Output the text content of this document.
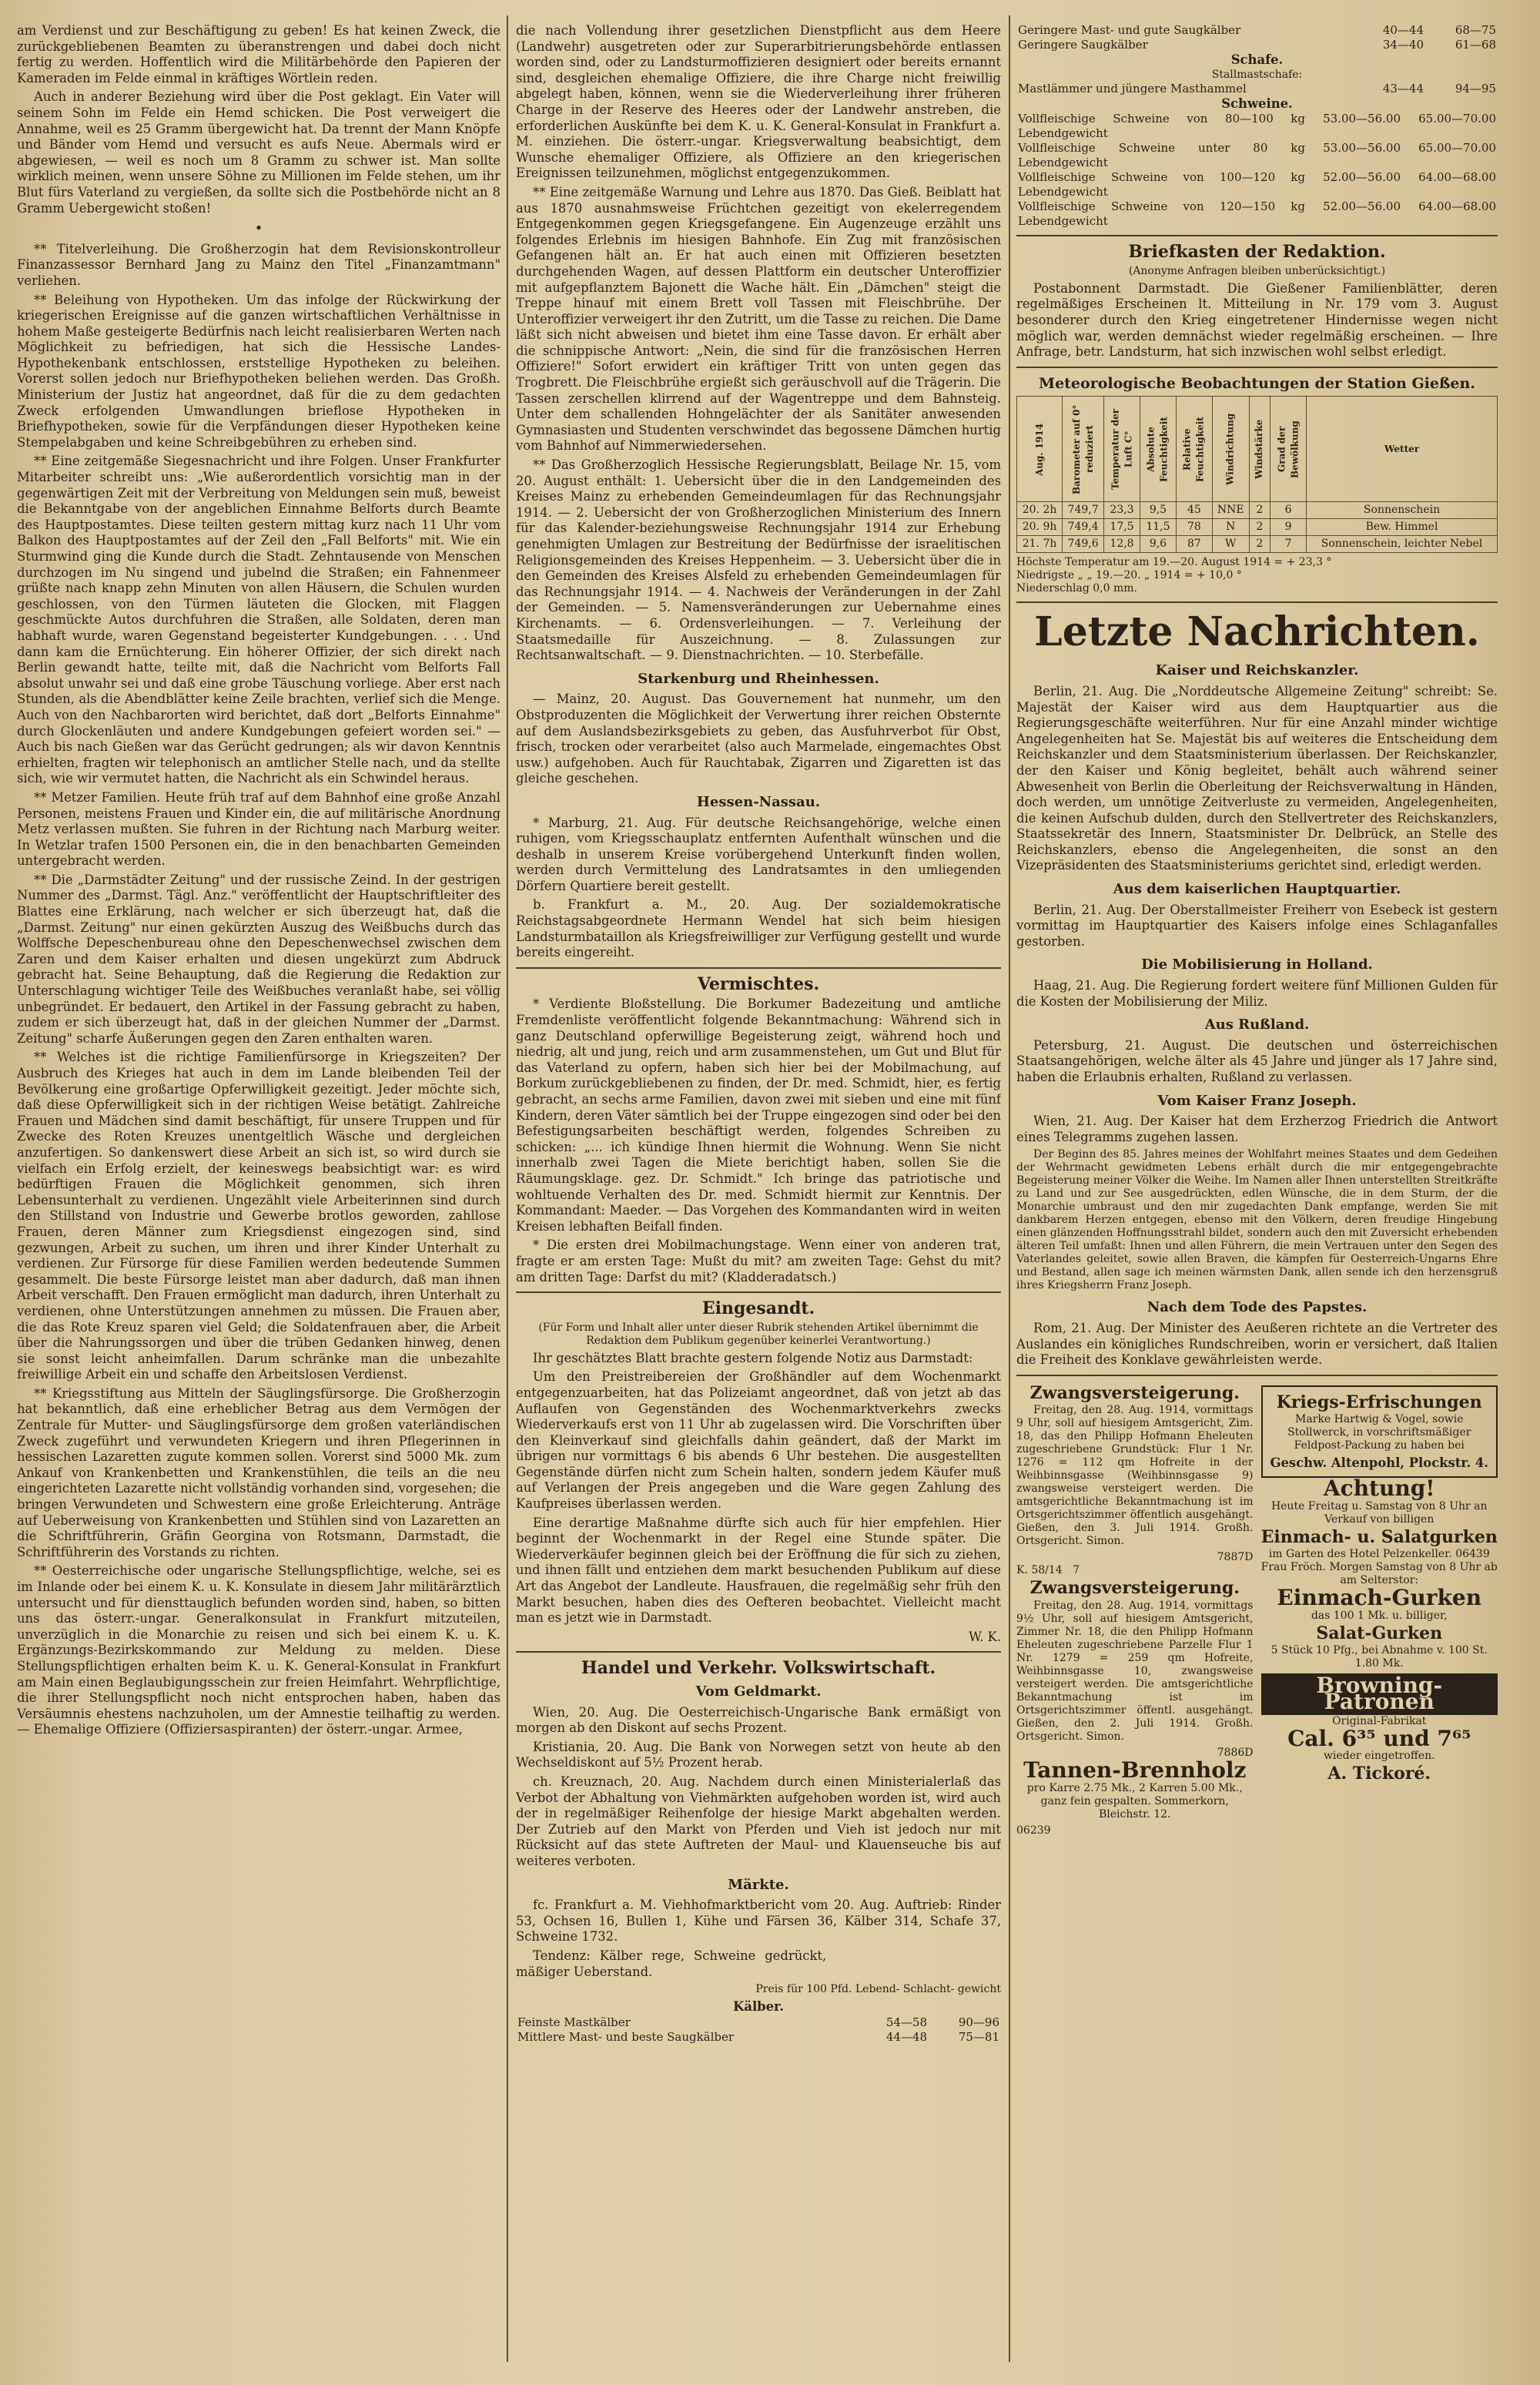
am Verdienst und zur Beschäftigung zu geben! Es hat keinen Zweck, die zurückgebliebenen Beamten zu überanstrengen und dabei doch nicht fertig zu werden. Hoffentlich wird die Militärbehörde den Papieren der Kameraden im Felde einmal in kräftiges Wörtlein reden.

Auch in anderer Beziehung wird über die Post geklagt. Ein Vater will seinem Sohn im Felde ein Hemd schicken. Die Post verweigert die Annahme, weil es 25 Gramm übergewicht hat. Da trennt der Mann Knöpfe und Bänder vom Hemd und versucht es aufs Neue. Abermals wird er abgewiesen, — weil es noch um 8 Gramm zu schwer ist. Man sollte wirklich meinen, wenn unsere Söhne zu Millionen im Felde stehen, um ihr Blut fürs Vaterland zu vergießen, da sollte sich die Postbehörde nicht an 8 Gramm Uebergewicht stoßen!

•

** Titelverleihung. Die Großherzogin hat dem Revisionskontrolleur Finanzassessor Bernhard Jang zu Mainz den Titel „Finanzamtmann" verliehen.

** Beleihung von Hypotheken. Um das infolge der Rückwirkung der kriegerischen Ereignisse auf die ganzen wirtschaftlichen Verhältnisse in hohem Maße gesteigerte Bedürfnis nach leicht realisierbaren Werten nach Möglichkeit zu befriedigen, hat sich die Hessische Landes-Hypothekenbank entschlossen, erststellige Hypotheken zu beleihen. Vorerst sollen jedoch nur Briefhypotheken beliehen werden. Das Großh. Ministerium der Justiz hat angeordnet, daß für die zu dem gedachten Zweck erfolgenden Umwandlungen brieflose Hypotheken in Briefhypotheken, sowie für die Verpfändungen dieser Hypotheken keine Stempelabgaben und keine Schreibgebühren zu erheben sind.

** Eine zeitgemäße Siegesnachricht und ihre Folgen. Unser Frankfurter Mitarbeiter schreibt uns: „Wie außerordentlich vorsichtig man in der gegenwärtigen Zeit mit der Verbreitung von Meldungen sein muß, beweist die Bekanntgabe von der angeblichen Einnahme Belforts durch Beamte des Hauptpostamtes. Diese teilten gestern mittag kurz nach 11 Uhr vom Balkon des Hauptpostamtes auf der Zeil den „Fall Belforts" mit. Wie ein Sturmwind ging die Kunde durch die Stadt. Zehntausende von Menschen durchzogen im Nu singend und jubelnd die Straßen; ein Fahnenmeer grüßte nach knapp zehn Minuten von allen Häusern, die Schulen wurden geschlossen, von den Türmen läuteten die Glocken, mit Flaggen geschmückte Autos durchfuhren die Straßen, alle Soldaten, deren man habhaft wurde, waren Gegenstand begeisterter Kundgebungen. . . . Und dann kam die Ernüchterung. Ein höherer Offizier, der sich direkt nach Berlin gewandt hatte, teilte mit, daß die Nachricht vom Belforts Fall absolut unwahr sei und daß eine grobe Täuschung vorliege. Aber erst nach Stunden, als die Abendblätter keine Zeile brachten, verlief sich die Menge. Auch von den Nachbarorten wird berichtet, daß dort „Belforts Einnahme" durch Glockenläuten und andere Kundgebungen gefeiert worden sei." — Auch bis nach Gießen war das Gerücht gedrungen; als wir davon Kenntnis erhielten, fragten wir telephonisch an amtlicher Stelle nach, und da stellte sich, wie wir vermutet hatten, die Nachricht als ein Schwindel heraus.

** Metzer Familien. Heute früh traf auf dem Bahnhof eine große Anzahl Personen, meistens Frauen und Kinder ein, die auf militärische Anordnung Metz verlassen mußten. Sie fuhren in der Richtung nach Marburg weiter. In Wetzlar trafen 1500 Personen ein, die in den benachbarten Gemeinden untergebracht werden.

** Die „Darmstädter Zeitung" und der russische Zeind. In der gestrigen Nummer des „Darmst. Tägl. Anz." veröffentlicht der Hauptschriftleiter des Blattes eine Erklärung, nach welcher er sich überzeugt hat, daß die „Darmst. Zeitung" nur einen gekürzten Auszug des Weißbuchs durch das Wolffsche Depeschenbureau ohne den Depeschenwechsel zwischen dem Zaren und dem Kaiser erhalten und diesen ungekürzt zum Abdruck gebracht hat. Seine Behauptung, daß die Regierung die Redaktion zur Unterschlagung wichtiger Teile des Weißbuches veranlaßt habe, sei völlig unbegründet. Er bedauert, den Artikel in der Fassung gebracht zu haben, zudem er sich überzeugt hat, daß in der gleichen Nummer der „Darmst. Zeitung" scharfe Äußerungen gegen den Zaren enthalten waren.

** Welches ist die richtige Familienfürsorge in Kriegszeiten? Der Ausbruch des Krieges hat auch in dem im Lande bleibenden Teil der Bevölkerung eine großartige Opferwilligkeit gezeitigt. Jeder möchte sich, daß diese Opferwilligkeit sich in der richtigen Weise betätigt. Zahlreiche Frauen und Mädchen sind damit beschäftigt, für unsere Truppen und für Zwecke des Roten Kreuzes unentgeltlich Wäsche und dergleichen anzufertigen. So dankenswert diese Arbeit an sich ist, so wird durch sie vielfach ein Erfolg erzielt, der keineswegs beabsichtigt war: es wird bedürftigen Frauen die Möglichkeit genommen, sich ihren Lebensunterhalt zu verdienen. Ungezählt viele Arbeiterinnen sind durch den Stillstand von Industrie und Gewerbe brotlos geworden, zahllose Frauen, deren Männer zum Kriegsdienst eingezogen sind, sind gezwungen, Arbeit zu suchen, um ihren und ihrer Kinder Unterhalt zu verdienen. Zur Fürsorge für diese Familien werden bedeutende Summen gesammelt. Die beste Fürsorge leistet man aber dadurch, daß man ihnen Arbeit verschafft. Den Frauen ermöglicht man dadurch, ihren Unterhalt zu verdienen, ohne Unterstützungen annehmen zu müssen. Die Frauen aber, die das Rote Kreuz sparen viel Geld; die Soldatenfrauen aber, die Arbeit über die Nahrungssorgen und über die trüben Gedanken hinweg, denen sie sonst leicht anheimfallen. Darum schränke man die unbezahlte freiwillige Arbeit ein und schaffe den Arbeitslosen Verdienst.

** Kriegsstiftung aus Mitteln der Säuglingsfürsorge. Die Großherzogin hat bekanntlich, daß eine erheblicher Betrag aus dem Vermögen der Zentrale für Mutter- und Säuglingsfürsorge dem großen vaterländischen Zweck zugeführt und verwundeten Kriegern und ihren Pflegerinnen in hessischen Lazaretten zugute kommen sollen. Vorerst sind 5000 Mk. zum Ankauf von Krankenbetten und Krankenstühlen, die teils an die neu eingerichteten Lazarette nicht vollständig vorhanden sind, vorgesehen; die bringen Verwundeten und Schwestern eine große Erleichterung. Anträge auf Ueberweisung von Krankenbetten und Stühlen sind von Lazaretten an die Schriftführerin, Gräfin Georgina von Rotsmann, Darmstadt, die Schriftführerin des Vorstands zu richten.

** Oesterreichische oder ungarische Stellungspflichtige, welche, sei es im Inlande oder bei einem K. u. K. Konsulate in diesem Jahr militärärztlich untersucht und für diensttauglich befunden worden sind, haben, so bitten uns das österr.-ungar. Generalkonsulat in Frankfurt mitzuteilen, unverzüglich in die Monarchie zu reisen und sich bei einem K. u. K. Ergänzungs-Bezirkskommando zur Meldung zu melden. Diese Stellungspflichtigen erhalten beim K. u. K. General-Konsulat in Frankfurt am Main einen Beglaubigungsschein zur freien Heimfahrt. Wehrpflichtige, die ihrer Stellungspflicht noch nicht entsprochen haben, haben das Versäumnis ehestens nachzuholen, um der Amnestie teilhaftig zu werden. — Ehemalige Offiziere (Offiziersaspiranten) der österr.-ungar. Armee,

die nach Vollendung ihrer gesetzlichen Dienstpflicht aus dem Heere (Landwehr) ausgetreten oder zur Superarbitrierungsbehörde entlassen worden sind, oder zu Landsturmoffizieren designiert oder bereits ernannt sind, desgleichen ehemalige Offiziere, die ihre Charge nicht freiwillig abgelegt haben, können, wenn sie die Wiederverleihung ihrer früheren Charge in der Reserve des Heeres oder der Landwehr anstreben, die erforderlichen Auskünfte bei dem K. u. K. General-Konsulat in Frankfurt a. M. einziehen. Die österr.-ungar. Kriegsverwaltung beabsichtigt, dem Wunsche ehemaliger Offiziere, als Offiziere an den kriegerischen Ereignissen teilzunehmen, möglichst entgegenzukommen.

** Eine zeitgemäße Warnung und Lehre aus 1870. Das Gieß. Beiblatt hat aus 1870 ausnahmsweise Früchtchen gezeitigt von ekelerregendem Entgegenkommen gegen Kriegsgefangene. Ein Augenzeuge erzählt uns folgendes Erlebnis im hiesigen Bahnhofe. Ein Zug mit französischen Gefangenen hält an. Er hat auch einen mit Offizieren besetzten durchgehenden Wagen, auf dessen Plattform ein deutscher Unteroffizier mit aufgepflanztem Bajonett die Wache hält. Ein „Dämchen" steigt die Treppe hinauf mit einem Brett voll Tassen mit Fleischbrühe. Der Unteroffizier verweigert ihr den Zutritt, um die Tasse zu reichen. Die Dame läßt sich nicht abweisen und bietet ihm eine Tasse davon. Er erhält aber die schnippische Antwort: „Nein, die sind für die französischen Herren Offiziere!" Sofort erwidert ein kräftiger Tritt von unten gegen das Trogbrett. Die Fleischbrühe ergießt sich geräuschvoll auf die Trägerin. Die Tassen zerschellen klirrend auf der Wagentreppe und dem Bahnsteig. Unter dem schallenden Hohngelächter der als Sanitäter anwesenden Gymnasiasten und Studenten verschwindet das begossene Dämchen hurtig vom Bahnhof auf Nimmerwiedersehen.

** Das Großherzoglich Hessische Regierungsblatt, Beilage Nr. 15, vom 20. August enthält: 1. Uebersicht über die in den Landgemeinden des Kreises Mainz zu erhebenden Gemeindeumlagen für das Rechnungsjahr 1914. — 2. Uebersicht der von Großherzoglichen Ministerium des Innern für das Kalender-beziehungsweise Rechnungsjahr 1914 zur Erhebung genehmigten Umlagen zur Bestreitung der Bedürfnisse der israelitischen Religionsgemeinden des Kreises Heppenheim. — 3. Uebersicht über die in den Gemeinden des Kreises Alsfeld zu erhebenden Gemeindeumlagen für das Rechnungsjahr 1914. — 4. Nachweis der Veränderungen in der Zahl der Gemeinden. — 5. Namensveränderungen zur Uebernahme eines Kirchenamts. — 6. Ordensverleihungen. — 7. Verleihung der Staatsmedaille für Auszeichnung. — 8. Zulassungen zur Rechtsanwaltschaft. — 9. Dienstnachrichten. — 10. Sterbefälle.

Starkenburg und Rheinhessen.

— Mainz, 20. August. Das Gouvernement hat nunmehr, um den Obstproduzenten die Möglichkeit der Verwertung ihrer reichen Obsternte auf dem Auslandsbezirksgebiets zu geben, das Ausfuhrverbot für Obst, frisch, trocken oder verarbeitet (also auch Marmelade, eingemachtes Obst usw.) aufgehoben. Auch für Rauchtabak, Zigarren und Zigaretten ist das gleiche geschehen.

Hessen-Nassau.

* Marburg, 21. Aug. Für deutsche Reichsangehörige, welche einen ruhigen, vom Kriegsschauplatz entfernten Aufenthalt wünschen und die deshalb in unserem Kreise vorübergehend Unterkunft finden wollen, werden durch Vermittelung des Landratsamtes in den umliegenden Dörfern Quartiere bereit gestellt.

b. Frankfurt a. M., 20. Aug. Der sozialdemokratische Reichstagsabgeordnete Hermann Wendel hat sich beim hiesigen Landsturmbataillon als Kriegsfreiwilliger zur Verfügung gestellt und wurde bereits eingereiht.

Vermischtes.

* Verdiente Bloßstellung. Die Borkumer Badezeitung und amtliche Fremdenliste veröffentlicht folgende Bekanntmachung: Während sich in ganz Deutschland opferwillige Begeisterung zeigt, während hoch und niedrig, alt und jung, reich und arm zusammenstehen, um Gut und Blut für das Vaterland zu opfern, haben sich hier bei der Mobilmachung, auf Borkum zurückgebliebenen zu finden, der Dr. med. Schmidt, hier, es fertig gebracht, an sechs arme Familien, davon zwei mit sieben und eine mit fünf Kindern, deren Väter sämtlich bei der Truppe eingezogen sind oder bei den Befestigungsarbeiten beschäftigt werden, folgendes Schreiben zu schicken: „... ich kündige Ihnen hiermit die Wohnung. Wenn Sie nicht innerhalb zwei Tagen die Miete berichtigt haben, sollen Sie die Räumungsklage. gez. Dr. Schmidt." Ich bringe das patriotische und wohltuende Verhalten des Dr. med. Schmidt hiermit zur Kenntnis. Der Kommandant: Maeder. — Das Vorgehen des Kommandanten wird in weiten Kreisen lebhaften Beifall finden.

* Die ersten drei Mobilmachungstage. Wenn einer von anderen trat, fragte er am ersten Tage: Mußt du mit? am zweiten Tage: Gehst du mit? am dritten Tage: Darfst du mit? (Kladderadatsch.)

Eingesandt.

(Für Form und Inhalt aller unter dieser Rubrik stehenden Artikel übernimmt die Redaktion dem Publikum gegenüber keinerlei Verantwortung.)

Ihr geschätztes Blatt brachte gestern folgende Notiz aus Darmstadt:

Um den Preistreibereien der Großhändler auf dem Wochenmarkt entgegenzuarbeiten, hat das Polizeiamt angeordnet, daß von jetzt ab das Auflaufen von Gegenständen des Wochenmarktverkehrs zwecks Wiederverkaufs erst von 11 Uhr ab zugelassen wird. Die Vorschriften über den Kleinverkauf sind gleichfalls dahin geändert, daß der Markt im übrigen nur vormittags 6 bis abends 6 Uhr bestehen. Die ausgestellten Gegenstände dürfen nicht zum Schein halten, sondern jedem Käufer muß auf Verlangen der Preis angegeben und die Ware gegen Zahlung des Kaufpreises überlassen werden.

Eine derartige Maßnahme dürfte sich auch für hier empfehlen. Hier beginnt der Wochenmarkt in der Regel eine Stunde später. Die Wiederverkäufer beginnen gleich bei der Eröffnung die für sich zu ziehen, und ihnen fällt und entziehen dem markt besuchenden Publikum auf diese Art das Angebot der Landleute. Hausfrauen, die regelmäßig sehr früh den Markt besuchen, haben dies des Oefteren beobachtet. Vielleicht macht man es jetzt wie in Darmstadt.

W. K.

Handel und Verkehr. Volkswirtschaft.
Vom Geldmarkt.

Wien, 20. Aug. Die Oesterreichisch-Ungarische Bank ermäßigt von morgen ab den Diskont auf sechs Prozent.

Kristiania, 20. Aug. Die Bank von Norwegen setzt von heute ab den Wechseldiskont auf 5½ Prozent herab.

ch. Kreuznach, 20. Aug. Nachdem durch einen Ministerialerlaß das Verbot der Abhaltung von Viehmärkten aufgehoben worden ist, wird auch der in regelmäßiger Reihenfolge der hiesige Markt abgehalten werden. Der Zutrieb auf den Markt von Pferden und Vieh ist jedoch nur mit Rücksicht auf das stete Auftreten der Maul- und Klauenseuche bis auf weiteres verboten.

Märkte.

fc. Frankfurt a. M. Viehhofmarktbericht vom 20. Aug. Auftrieb: Rinder 53, Ochsen 16, Bullen 1, Kühe und Färsen 36, Kälber 314, Schafe 37, Schweine 1732.

Tendenz: Kälber rege, Schweine gedrückt, mäßiger Ueberstand.

Preis für 100 Pfd. Lebend- Schlacht- gewicht

Kälber.
Feinste Mastkälber	54—58	90—96
Mittlere Mast- und beste Saugkälber	44—48	75—81
Geringere Mast- und gute Saugkälber	40—44	68—75
Geringere Saugkälber	34—40	61—68
Schafe.
Stallmastschafe:
Mastlämmer und jüngere Masthammel	43—44	94—95
Schweine.
Vollfleischige Schweine von 80—100 kg Lebendgewicht	53.00—56.00	65.00—70.00
Vollfleischige Schweine unter 80 kg Lebendgewicht	53.00—56.00	65.00—70.00
Vollfleischige Schweine von 100—120 kg Lebendgewicht	52.00—56.00	64.00—68.00
Vollfleischige Schweine von 120—150 kg Lebendgewicht	52.00—56.00	64.00—68.00
Briefkasten der Redaktion.

(Anonyme Anfragen bleiben unberücksichtigt.)

Postabonnent Darmstadt. Die Gießener Familienblätter, deren regelmäßiges Erscheinen lt. Mitteilung in Nr. 179 vom 3. August besonderer durch den Krieg eingetretener Hindernisse wegen nicht möglich war, werden demnächst wieder regelmäßig erscheinen. — Ihre Anfrage, betr. Landsturm, hat sich inzwischen wohl selbst erledigt.

Meteorologische Beobachtungen der Station Gießen.
Aug. 1914	Barometer auf 0° reduziert	Temperatur der Luft C°	Absolute Feuchtigkeit	Relative Feuchtigkeit	Windrichtung	Windstärke	Grad der Bewölkung	Wetter
20. 2h	749,7	23,3	9,5	45	NNE	2	6	Sonnenschein
20. 9h	749,4	17,5	11,5	78	N	2	9	Bew. Himmel
21. 7h	749,6	12,8	9,6	87	W	2	7	Sonnenschein, leichter Nebel
Höchste Temperatur am 19.—20. August 1914 = + 23,3 °
Niedrigste „ „ 19.—20. „ 1914 = + 10,0 °
Niederschlag 0,0 mm.
Letzte Nachrichten.
Kaiser und Reichskanzler.

Berlin, 21. Aug. Die „Norddeutsche Allgemeine Zeitung" schreibt: Se. Majestät der Kaiser wird aus dem Hauptquartier aus die Regierungsgeschäfte weiterführen. Nur für eine Anzahl minder wichtige Angelegenheiten hat Se. Majestät bis auf weiteres die Entscheidung dem Reichskanzler und dem Staatsministerium überlassen. Der Reichskanzler, der den Kaiser und König begleitet, behält auch während seiner Abwesenheit von Berlin die Oberleitung der Reichsverwaltung in Händen, doch werden, um unnötige Zeitverluste zu vermeiden, Angelegenheiten, die keinen Aufschub dulden, durch den Stellvertreter des Reichskanzlers, Staatssekretär des Innern, Staatsminister Dr. Delbrück, an Stelle des Reichskanzlers, ebenso die Angelegenheiten, die sonst an den Vizepräsidenten des Staatsministeriums gerichtet sind, erledigt werden.

Aus dem kaiserlichen Hauptquartier.

Berlin, 21. Aug. Der Oberstallmeister Freiherr von Esebeck ist gestern vormittag im Hauptquartier des Kaisers infolge eines Schlaganfalles gestorben.

Die Mobilisierung in Holland.

Haag, 21. Aug. Die Regierung fordert weitere fünf Millionen Gulden für die Kosten der Mobilisierung der Miliz.

Aus Rußland.

Petersburg, 21. August. Die deutschen und österreichischen Staatsangehörigen, welche älter als 45 Jahre und jünger als 17 Jahre sind, haben die Erlaubnis erhalten, Rußland zu verlassen.

Vom Kaiser Franz Joseph.

Wien, 21. Aug. Der Kaiser hat dem Erzherzog Friedrich die Antwort eines Telegramms zugehen lassen.

Der Beginn des 85. Jahres meines der Wohlfahrt meines Staates und dem Gedeihen der Wehrmacht gewidmeten Lebens erhält durch die mir entgegengebrachte Begeisterung meiner Völker die Weihe. Im Namen aller Ihnen unterstellten Streitkräfte zu Land und zur See ausgedrückten, edlen Wünsche, die in dem Sturm, der die Monarchie umbraust und den mir zugedachten Dank empfange, werden Sie mit dankbarem Herzen entgegen, ebenso mit den Völkern, deren freudige Hingebung einen glänzenden Hoffnungsstrahl bildet, sondern auch den mit Zuversicht erhebenden älteren Teil umfaßt: Ihnen und allen Führern, die mein Vertrauen unter den Segen des Vaterlandes geleitet, sowie allen Braven, die kämpfen für Oesterreich-Ungarns Ehre und Bestand, allen sage ich meinen wärmsten Dank, allen sende ich den herzensgruß ihres Kriegsherrn Franz Joseph.

Nach dem Tode des Papstes.

Rom, 21. Aug. Der Minister des Aeußeren richtete an die Vertreter des Auslandes ein königliches Rundschreiben, worin er versichert, daß Italien die Freiheit des Konklave gewährleisten werde.

Zwangsversteigerung.

Freitag, den 28. Aug. 1914, vormittags 9 Uhr, soll auf hiesigem Amtsgericht, Zim. 18, das den Philipp Hofmann Eheleuten zugeschriebene Grundstück: Flur 1 Nr. 1276 = 112 qm Hofreite in der Weihbinnsgasse (Weihbinnsgasse 9) zwangsweise versteigert werden. Die amtsgerichtliche Bekanntmachung ist im Ortsgerichtszimmer öffentlich ausgehängt. Gießen, den 3. Juli 1914. Großh. Ortsgericht. Simon.

7887D
K. 58/14 7
Zwangsversteigerung.

Freitag, den 28. Aug. 1914, vormittags 9½ Uhr, soll auf hiesigem Amtsgericht, Zimmer Nr. 18, die den Philipp Hofmann Eheleuten zugeschriebene Parzelle Flur 1 Nr. 1279 = 259 qm Hofreite, Weihbinnsgasse 10, zwangsweise versteigert werden. Die amtsgerichtliche Bekanntmachung ist im Ortsgerichtszimmer öffentl. ausgehängt. Gießen, den 2. Juli 1914. Großh. Ortsgericht. Simon.

7886D
Tannen-Brennholz

pro Karre 2.75 Mk., 2 Karren 5.00 Mk., ganz fein gespalten. Sommerkorn, Bleichstr. 12.

06239
Kriegs-Erfrischungen

Marke Hartwig & Vogel, sowie Stollwerck, in vorschriftsmäßiger Feldpost-Packung zu haben bei

Geschw. Altenpohl, Plockstr. 4.
Achtung!

Heute Freitag u. Samstag von 8 Uhr an Verkauf von billigen

Einmach- u. Salatgurken

im Garten des Hotel Pelzenkeller. 06439 Frau Fröch. Morgen Samstag von 8 Uhr ab am Selterstor:

Einmach-Gurken

das 100 1 Mk. u. billiger,

Salat-Gurken

5 Stück 10 Pfg., bei Abnahme v. 100 St. 1.80 Mk.

Browning-Patronen
Original-Fabrikat
Cal. 6³⁵ und 7⁶⁵
wieder eingetroffen.
A. Tickoré.
